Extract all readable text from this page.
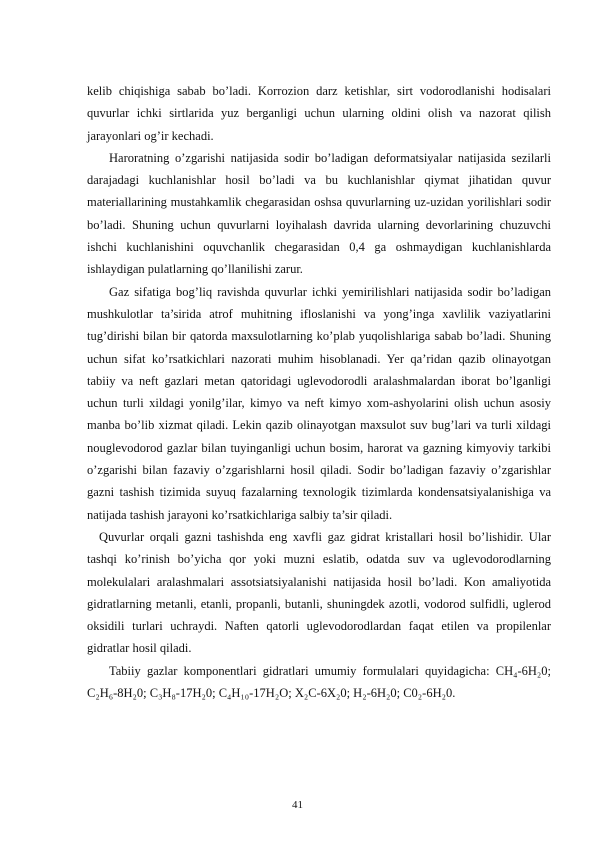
kelib chiqishiga sabab bo’ladi. Korrozion darz ketishlar, sirt vodorodlanishi hodisalari quvurlar ichki sirtlarida yuz berganligi uchun ularning oldini olish va nazorat qilish jarayonlari og’ir kechadi.

Haroratning o’zgarishi natijasida sodir bo’ladigan deformatsiyalar natijasida sezilarli darajadagi kuchlanishlar hosil bo’ladi va bu kuchlanishlar qiymat jihatidan quvur materiallarining mustahkamlik chegarasidan oshsa quvurlarning uz-uzidan yorilishlari sodir bo’ladi. Shuning uchun quvurlarni loyihalash davrida ularning devorlarining chuzuvchi ishchi kuchlanishini oquvchanlik chegarasidan 0,4 ga oshmaydigan kuchlanishlarda ishlaydigan pulatlarning qo’llanilishi zarur.

Gaz sifatiga bog’liq ravishda quvurlar ichki yemirilishlari natijasida sodir bo’ladigan mushkulotlar ta’sirida atrof muhitning ifloslanishi va yong’inga xavlilik vaziyatlarini tug’dirishi bilan bir qatorda maxsulotlarning ko’plab yuqolishlariga sabab bo’ladi. Shuning uchun sifat ko’rsatkichlari nazorati muhim hisoblanadi. Yer qa’ridan qazib olinayotgan tabiiy va neft gazlari metan qatoridagi uglevodorodli aralashmalardan iborat bo’lganligi uchun turli xildagi yonilg’ilar, kimyo va neft kimyo xom-ashyolarini olish uchun asosiy manba bo’lib xizmat qiladi. Lekin qazib olinayotgan maxsulot suv bug’lari va turli xildagi nouglevodorod gazlar bilan tuyinganligi uchun bosim, harorat va gazning kimyoviy tarkibi o’zgarishi bilan fazaviy o’zgarishlarni hosil qiladi. Sodir bo’ladigan fazaviy o’zgarishlar gazni tashish tizimida suyuq fazalarning texnologik tizimlarda kondensatsiyalanishiga va natijada tashish jarayoni ko’rsatkichlariga salbiy ta’sir qiladi.

Quvurlar orqali gazni tashishda eng xavfli gaz gidrat kristallari hosil bo’lishidir. Ular tashqi ko’rinish bo’yicha qor yoki muzni eslatib, odatda suv va uglevodorodlarning molekulalari aralashmalari assotsiatsiyalanishi natijasida hosil bo’ladi. Kon amaliyotida gidratlarning metanli, etanli, propanli, butanli, shuningdek azotli, vodorod sulfidli, uglerod oksidili turlari uchraydi. Naften qatorli uglevodorodlardan faqat etilen va propilenlar gidratlar hosil qiladi.

Tabiiy gazlar komponentlari gidratlari umumiy formulalari quyidagicha: CH₄-6H₂0; C₂H₆-8H₂0; C₃H₈-17H₂0; C₄H₁₀-17H₂O; X₂C-6X₂0; H₂-6H₂0; C0₂-6H₂0.

41
